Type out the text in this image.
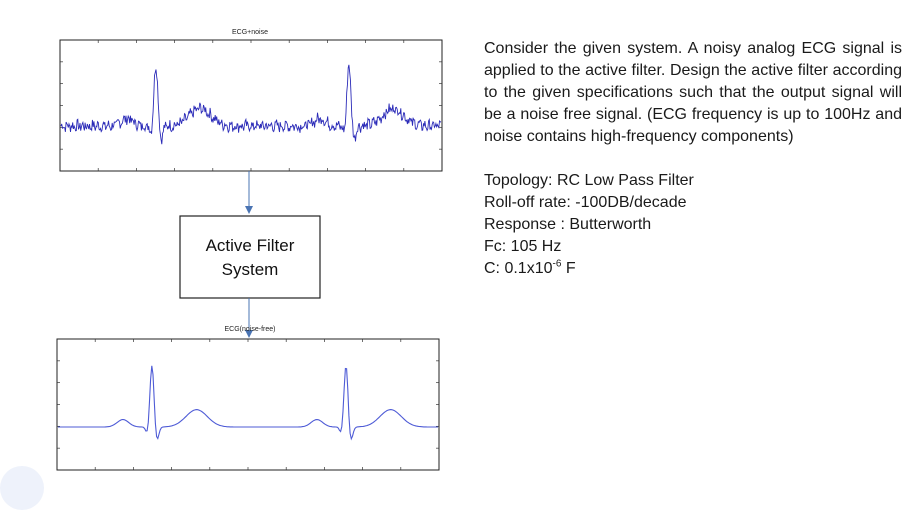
ECG+noise
Active Filter
System
ECG(noise-free)

Consider the given system. A noisy analog ECG signal is applied to the active filter. Design the active filter according to the given specifications such that the output signal will be a noise free signal. (ECG frequency is up to 100Hz and noise contains high-frequency components)

Topology: RC Low Pass Filter

Roll-off rate: -100DB/decade

Response : Butterworth

Fc: 105 Hz

C: $0.1x10^{-6}$ F
